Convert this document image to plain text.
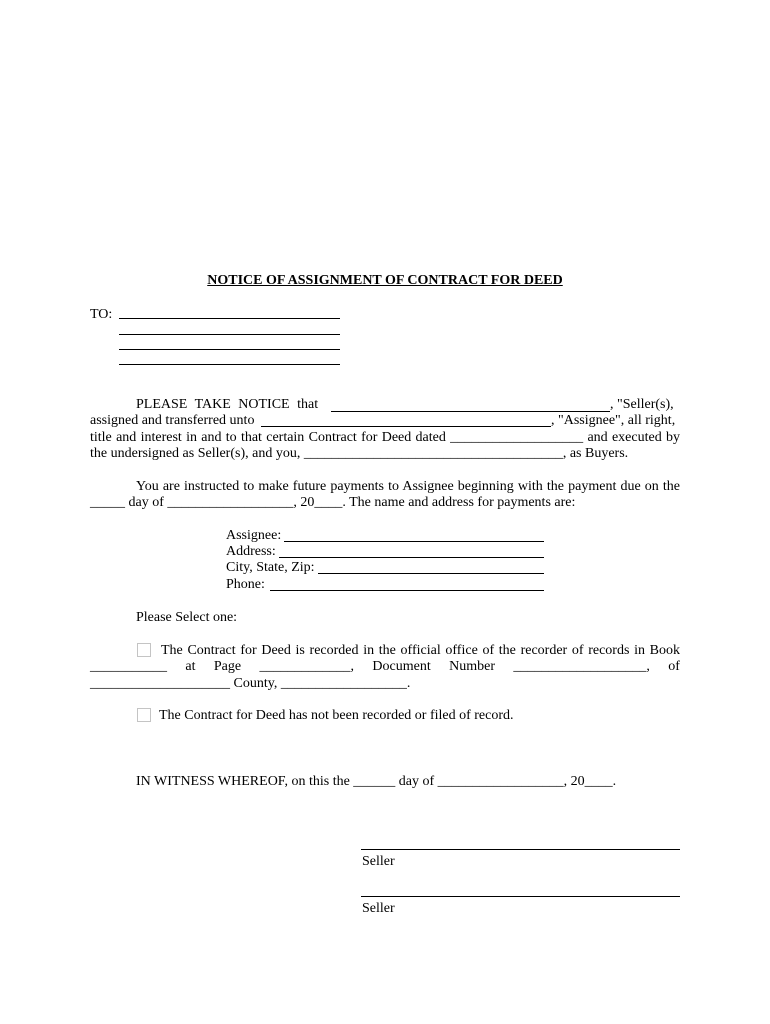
NOTICE OF ASSIGNMENT OF CONTRACT FOR DEED
TO:
PLEASE TAKE NOTICE that	, "Seller(s),
assigned and transferred unto	, "Assignee", all right,
title and interest in and to that certain Contract for Deed dated ___________________ and executed by
the undersigned as Seller(s), and you, _____________________________________, as Buyers.
You are instructed to make future payments to Assignee beginning with the payment due on the
_____ day of __________________, 20____. The name and address for payments are:
Assignee:
Address:
City, State, Zip:
Phone:
Please Select one:
The Contract for Deed is recorded in the official office of the recorder of records in Book
___________ at Page _____________, Document Number ___________________, of
____________________ County, __________________.
The Contract for Deed has not been recorded or filed of record.
IN WITNESS WHEREOF, on this the ______ day of __________________, 20____.
Seller
Seller
